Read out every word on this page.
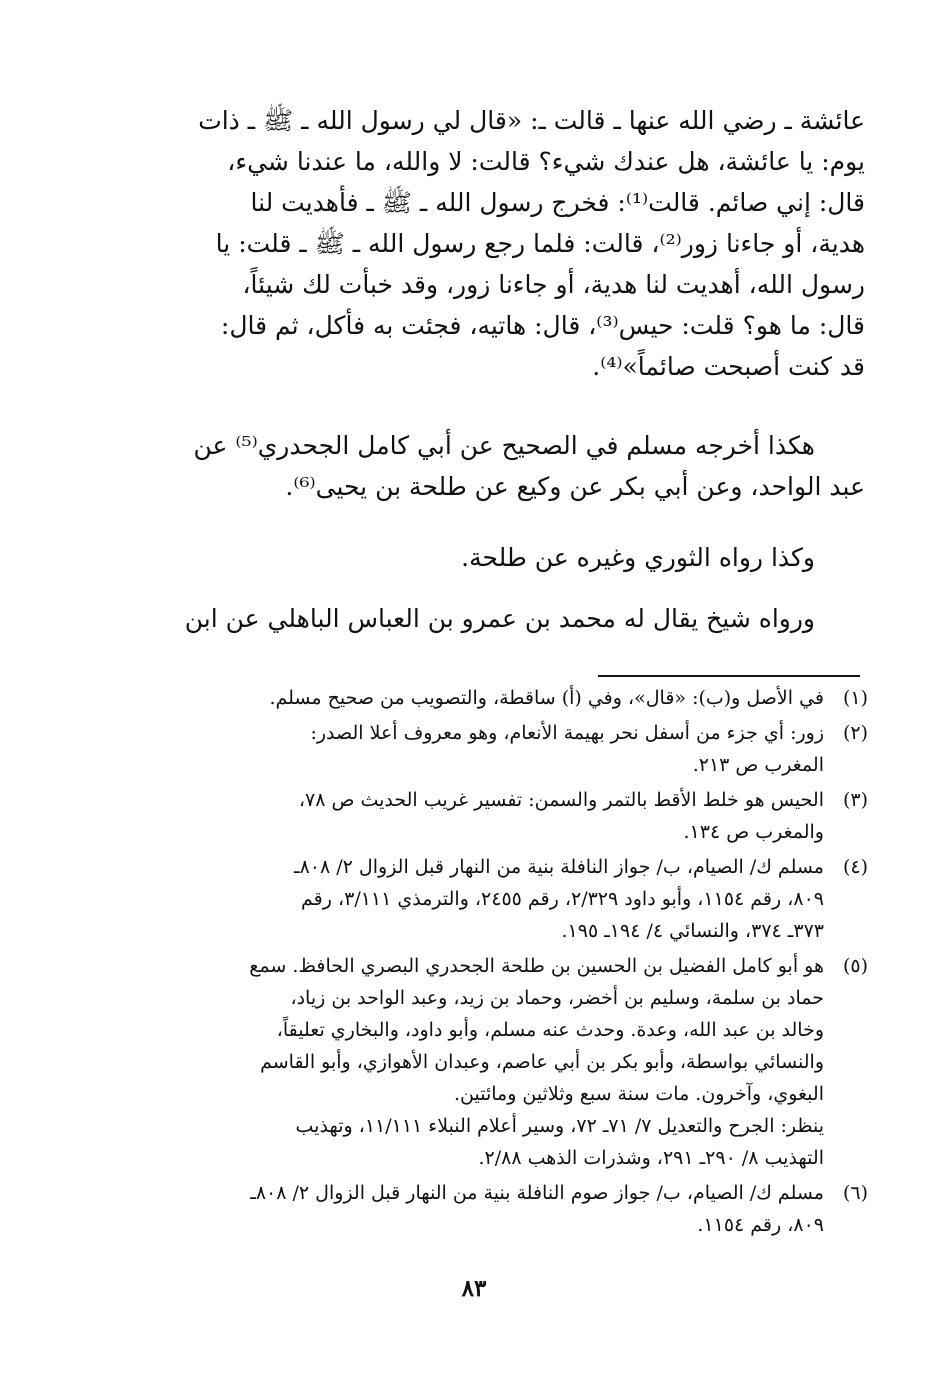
عائشة ـ رضي الله عنها ـ قالت ـ: «قال لي رسول الله ـ ﷺ ـ ذات
يوم: يا عائشة، هل عندك شيء؟ قالت: لا والله، ما عندنا شيء،
قال: إني صائم. قالت⁽¹⁾: فخرج رسول الله ـ ﷺ ـ فأهديت لنا
هدية، أو جاءنا زور⁽²⁾، قالت: فلما رجع رسول الله ـ ﷺ ـ قلت: يا
رسول الله، أهديت لنا هدية، أو جاءنا زور، وقد خبأت لك شيئاً،
قال: ما هو؟ قلت: حيس⁽³⁾، قال: هاتيه، فجئت به فأكل، ثم قال:
قد كنت أصبحت صائماً»⁽⁴⁾.
هكذا أخرجه مسلم في الصحيح عن أبي كامل الجحدري⁽⁵⁾ عن
عبد الواحد، وعن أبي بكر عن وكيع عن طلحة بن يحيى⁽⁶⁾.
وكذا رواه الثوري وغيره عن طلحة.
ورواه شيخ يقال له محمد بن عمرو بن العباس الباهلي عن ابن
(١)
في الأصل و(ب): «قال»، وفي (أ) ساقطة، والتصويب من صحيح مسلم.
(٢)
زور: أي جزء من أسفل نحر بهيمة الأنعام، وهو معروف أعلا الصدر:
المغرب ص ٢١٣.
(٣)
الحيس هو خلط الأقط بالتمر والسمن: تفسير غريب الحديث ص ٧٨،
والمغرب ص ١٣٤.
(٤)
مسلم ك/ الصيام، ب/ جواز النافلة بنية من النهار قبل الزوال ٢/ ٨٠٨ـ
٨٠٩، رقم ١١٥٤، وأبو داود ٢/٣٢٩، رقم ٢٤٥٥، والترمذي ٣/١١١، رقم
٣٧٣ـ ٣٧٤، والنسائي ٤/ ١٩٤ـ ١٩٥.
(٥)
هو أبو كامل الفضيل بن الحسين بن طلحة الجحدري البصري الحافظ. سمع
حماد بن سلمة، وسليم بن أخضر، وحماد بن زيد، وعبد الواحد بن زياد،
وخالد بن عبد الله، وعدة. وحدث عنه مسلم، وأبو داود، والبخاري تعليقاً،
والنسائي بواسطة، وأبو بكر بن أبي عاصم، وعبدان الأهوازي، وأبو القاسم
البغوي، وآخرون. مات سنة سبع وثلاثين ومائتين.
ينظر: الجرح والتعديل ٧/ ٧١ـ ٧٢، وسير أعلام النبلاء ١١/١١١، وتهذيب
التهذيب ٨/ ٢٩٠ـ ٢٩١، وشذرات الذهب ٢/٨٨.
(٦)
مسلم ك/ الصيام، ب/ جواز صوم النافلة بنية من النهار قبل الزوال ٢/ ٨٠٨ـ
٨٠٩، رقم ١١٥٤.
٨٣
